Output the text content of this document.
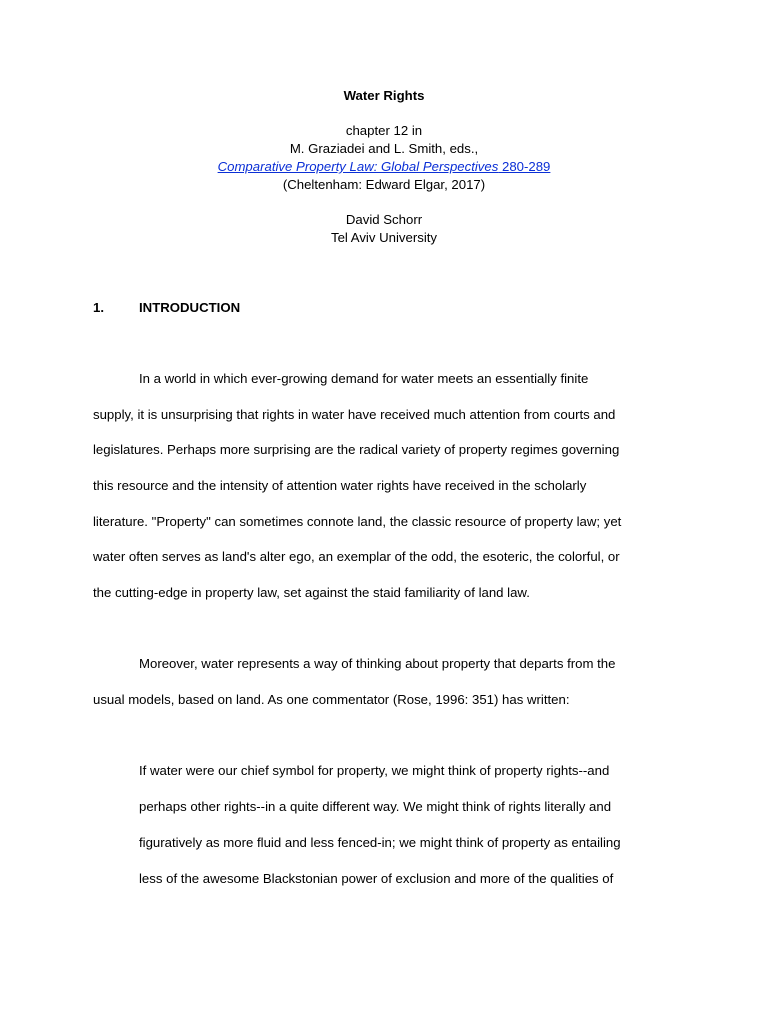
Water Rights
chapter 12 in
M. Graziadei and L. Smith, eds.,
Comparative Property Law: Global Perspectives 280-289
(Cheltenham: Edward Elgar, 2017)
David Schorr
Tel Aviv University
1.	INTRODUCTION
In a world in which ever-growing demand for water meets an essentially finite
supply, it is unsurprising that rights in water have received much attention from courts and
legislatures. Perhaps more surprising are the radical variety of property regimes governing
this resource and the intensity of attention water rights have received in the scholarly
literature. "Property" can sometimes connote land, the classic resource of property law; yet
water often serves as land's alter ego, an exemplar of the odd, the esoteric, the colorful, or
the cutting-edge in property law, set against the staid familiarity of land law.
Moreover, water represents a way of thinking about property that departs from the
usual models, based on land. As one commentator (Rose, 1996: 351) has written:
If water were our chief symbol for property, we might think of property rights--and
perhaps other rights--in a quite different way. We might think of rights literally and
figuratively as more fluid and less fenced-in; we might think of property as entailing
less of the awesome Blackstonian power of exclusion and more of the qualities of
